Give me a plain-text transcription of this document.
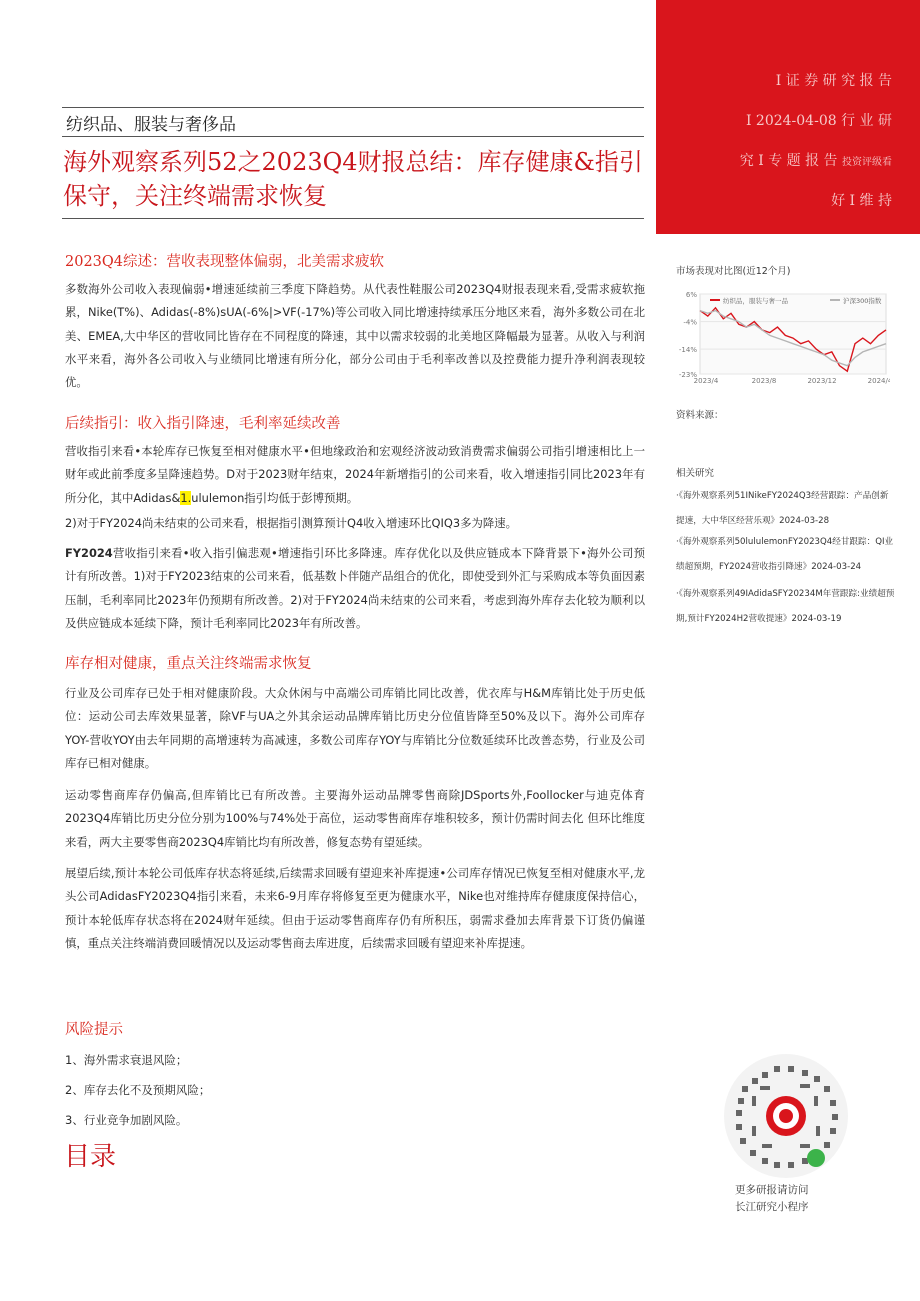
I 证 券 研 究 报 告
I 2024-04-08 行 业 研
究 I 专 题 报 告 投资评级看
好 I 维 持
纺织品、服装与奢侈品
海外观察系列52之2023Q4财报总结：库存健康&指引保守，关注终端需求恢复
2023Q4综述：营收表现整体偏弱，北美需求疲软
多数海外公司收入表现偏弱•增速延续前三季度下降趋势。从代表性鞋服公司2023Q4财报表现来看,受需求疲软拖累，Nike(T%)、Adidas(-8%)sUA(-6%|>VF(-17%)等公司收入同比增速持续承压分地区来看，海外多数公司在北美、EMEA,大中华区的营收同比皆存在不同程度的降速，其中以需求较弱的北美地区降幅最为显著。从收入与利润水平来看，海外各公司收入与业绩同比增速有所分化，部分公司由于毛利率改善以及控费能力提升净利润表现较优。
后续指引：收入指引降速，毛利率延续改善
营收指引来看•本轮库存已恢复至相对健康水平•但地缘政治和宏观经济波动致消费需求偏弱公司指引增速相比上一财年或此前季度多呈降速趋势。D对于2023财年结束，2024年新增指引的公司来看，收入增速指引同比2023年有所分化，其中Adidas&1.ululemon指引均低于彭博预期。
2)对于FY2024尚未结束的公司来看，根据指引测算预计Q4收入增速环比QIQ3多为降速。
FY2024营收指引来看•收入指引偏悲观•增速指引环比多降速。库存优化以及供应链成本下降背景下•海外公司预计有所改善。1)对于FY2023结束的公司来看，低基数卜伴随产品组合的优化，即使受到外汇与采购成本等负面因素压制，毛利率同比2023年仍预期有所改善。2)对于FY2024尚未结束的公司来看，考虑到海外库存去化较为顺利以及供应链成本延续下降，预计毛利率同比2023年有所改善。
库存相对健康，重点关注终端需求恢复
行业及公司库存已处于相对健康阶段。大众休闲与中高端公司库销比同比改善，优衣库与H&M库销比处于历史低位：运动公司去库效果显著，除VF与UA之外其余运动品牌库销比历史分位值皆降至50%及以下。海外公司库存YOY-营收YOY由去年同期的高增速转为高减速，多数公司库存YOY与库销比分位数延续环比改善态势，行业及公司库存已相对健康。
运动零售商库存仍偏高,但库销比已有所改善。主要海外运动品牌零售商除JDSports外,Foollocker与迪克体育2023Q4库销比历史分位分别为100%与74%处于高位，运动零售商库存堆积较多，预计仍需时间去化 但环比维度来看，两大主要零售商2023Q4库销比均有所改善，修复态势有望延续。
展望后续,预计本轮公司低库存状态将延续,后续需求回暖有望迎来补库提速•公司库存情况已恢复至相对健康水平,龙头公司AdidasFY2023Q4指引来看，未来6-9月库存将修复至更为健康水平，Nike也对维持库存健康度保持信心，预计本轮低库存状态将在2024财年延续。但由于运动零售商库存仍有所积压，弱需求叠加去库背景下订货仍偏谨慎，重点关注终端消费回暖情况以及运动零售商去库进度，后续需求回暖有望迎来补库提速。
风险提示
1、海外需求衰退风险；
2、库存去化不及预期风险；
3、行业竞争加剧风险。
目录
市场表现对比图(近12个月)
6%
-4%
-14%
-23%
2023/4	2023/8	2023/12	2024/4
纺织品，服装与奢一品	沪深300指数
资料来源：
相关研究
·《海外观察系列51INikeFY2024Q3经营跟踪：产品创新提速，大中华区经营乐观》2024-03-28
·《海外观察系列50lululemonFY2023Q4经甘跟踪：QI业绩超预期，FY2024营收指引降速》2024-03-24
·《海外观察系列49IAdidaSFY20234M年营跟踪:业绩超预期,预计FY2024H2营收提速》2024-03-19
更多研报请访问
长江研究小程序
